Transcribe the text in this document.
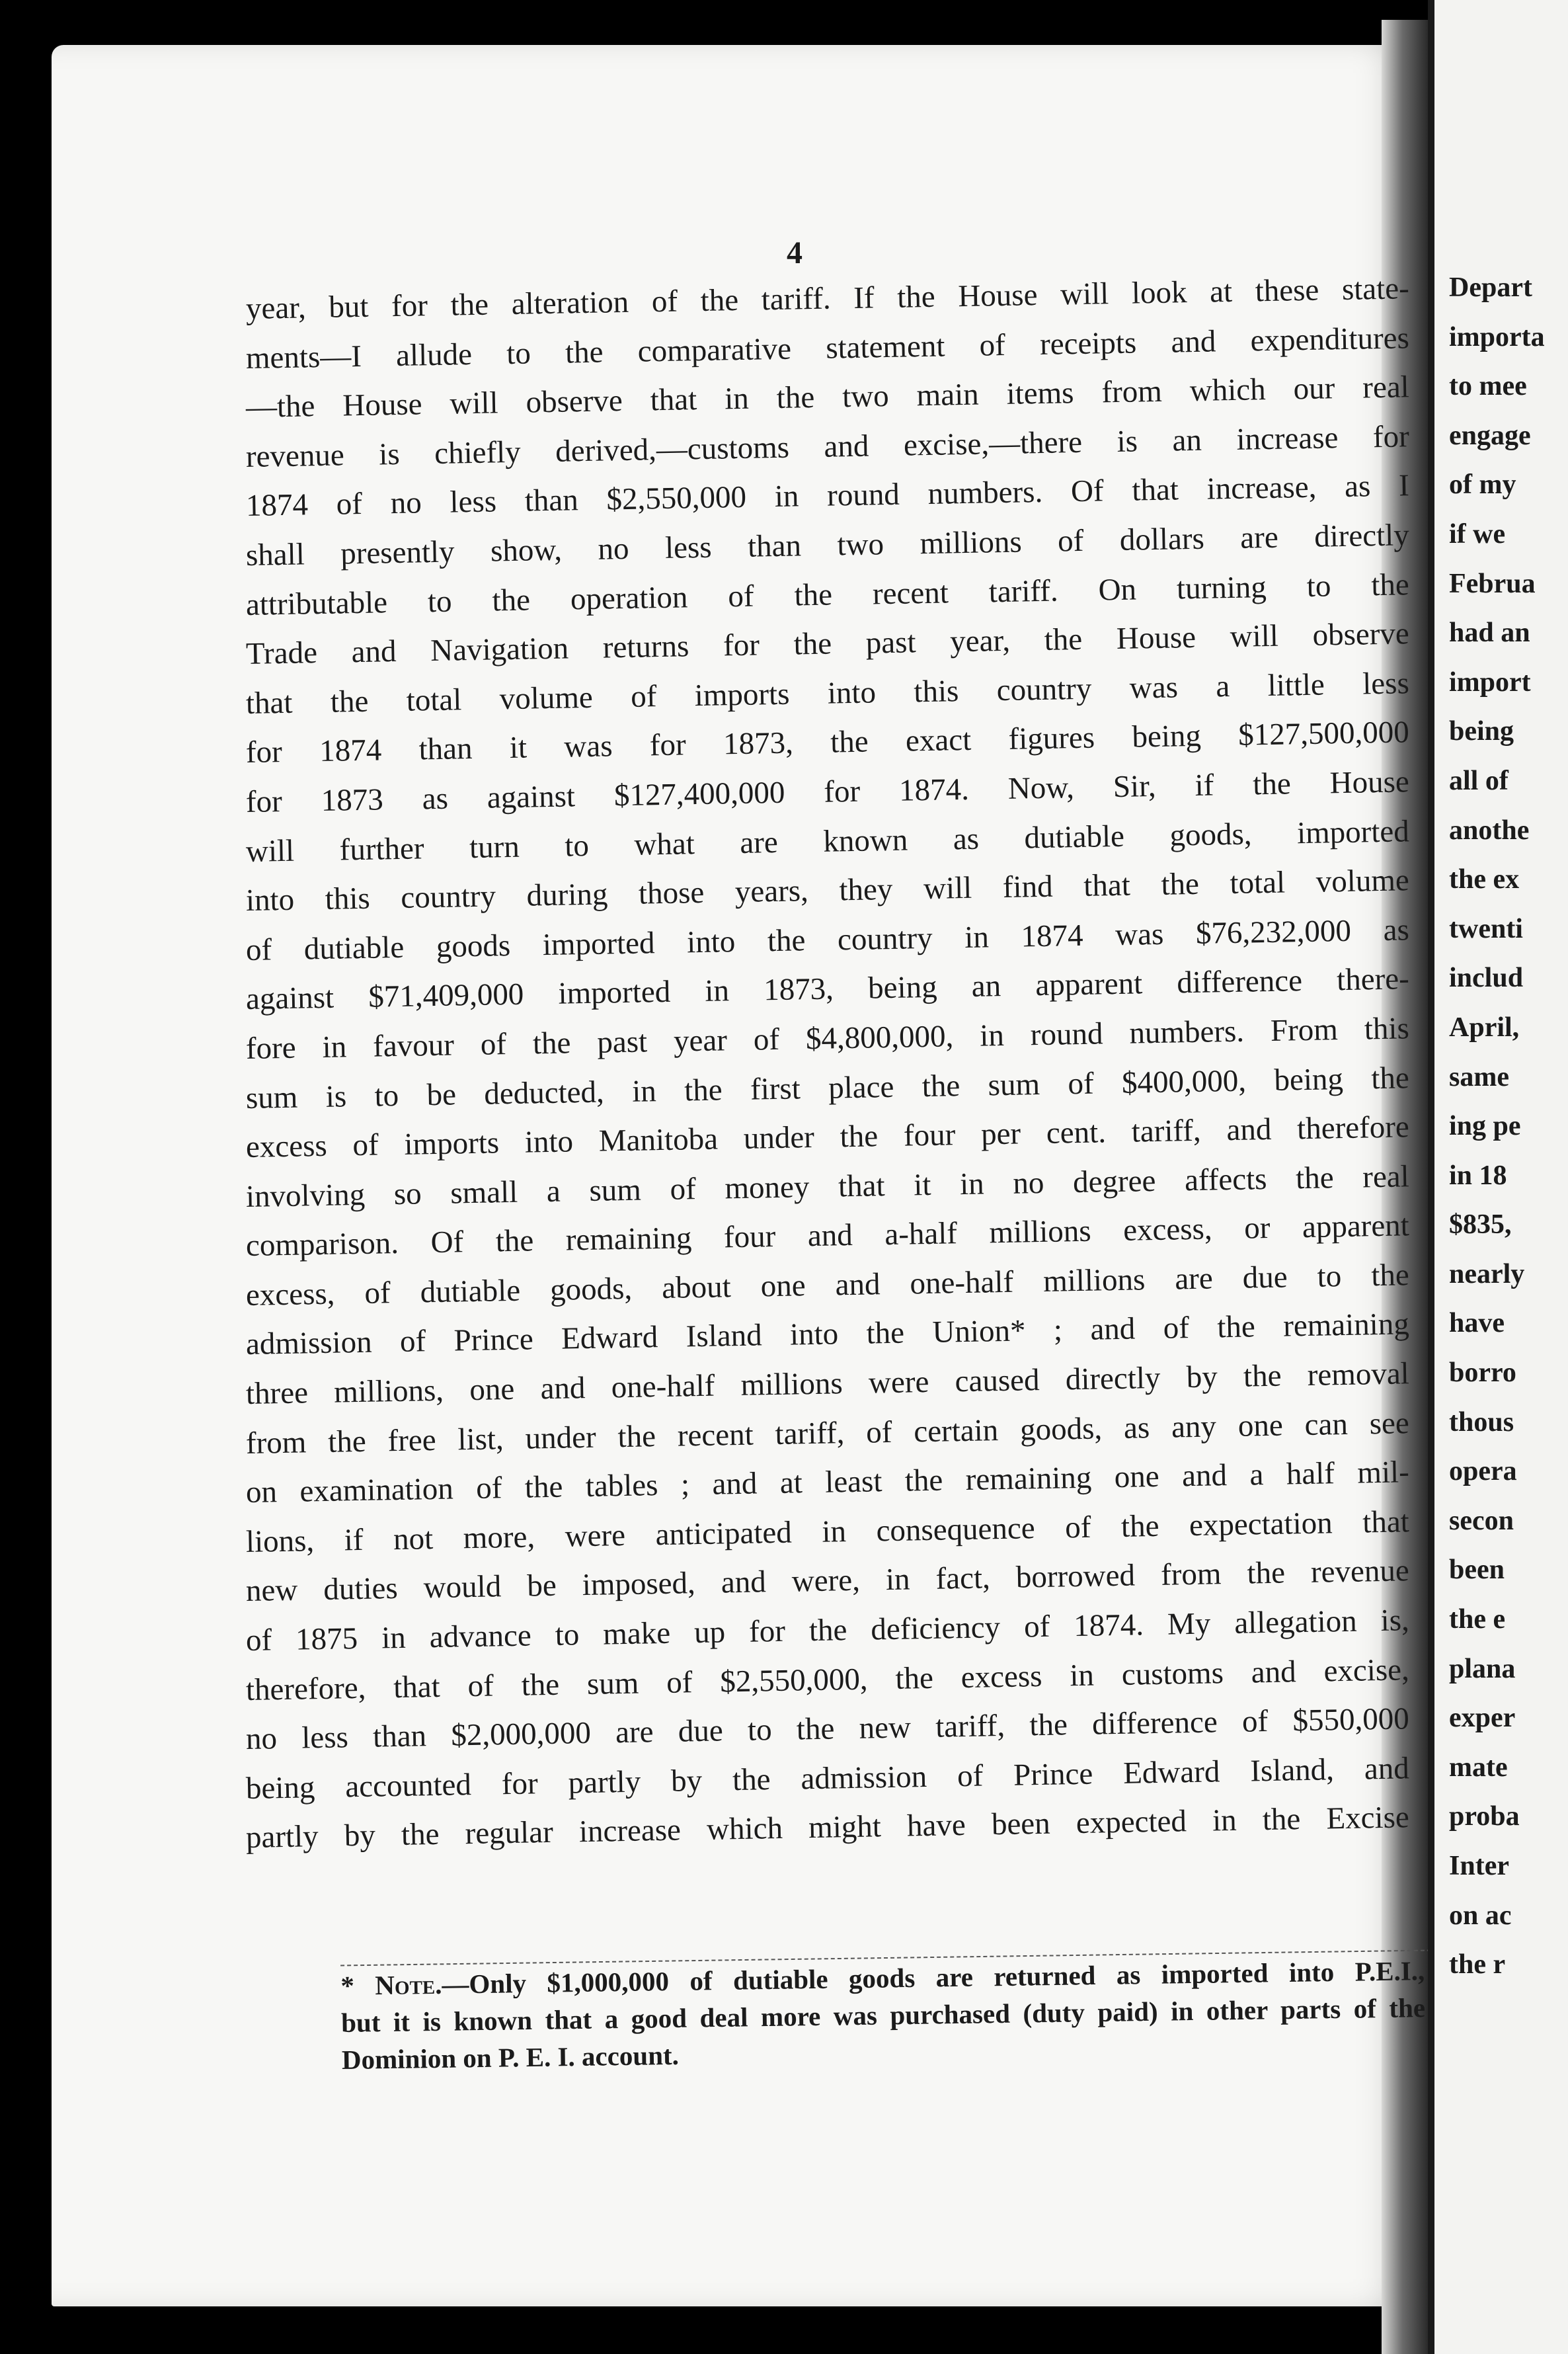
4
year, but for the alteration of the tariff. If the House will look at these state-
ments—I allude to the comparative statement of receipts and expenditures
—the House will observe that in the two main items from which our real
revenue is chiefly derived,—customs and excise,—there is an increase for
1874 of no less than $2,550,000 in round numbers. Of that increase, as I
shall presently show, no less than two millions of dollars are directly
attributable to the operation of the recent tariff. On turning to the
Trade and Navigation returns for the past year, the House will observe
that the total volume of imports into this country was a little less
for 1874 than it was for 1873, the exact figures being $127,500,000
for 1873 as against $127,400,000 for 1874. Now, Sir, if the House
will further turn to what are known as dutiable goods, imported
into this country during those years, they will find that the total volume
of dutiable goods imported into the country in 1874 was $76,232,000 as
against $71,409,000 imported in 1873, being an apparent difference there-
fore in favour of the past year of $4,800,000, in round numbers. From this
sum is to be deducted, in the first place the sum of $400,000, being the
excess of imports into Manitoba under the four per cent. tariff, and therefore
involving so small a sum of money that it in no degree affects the real
comparison. Of the remaining four and a-half millions excess, or apparent
excess, of dutiable goods, about one and one-half millions are due to the
admission of Prince Edward Island into the Union* ; and of the remaining
three millions, one and one-half millions were caused directly by the removal
from the free list, under the recent tariff, of certain goods, as any one can see
on examination of the tables ; and at least the remaining one and a half mil-
lions, if not more, were anticipated in consequence of the expectation that
new duties would be imposed, and were, in fact, borrowed from the revenue
of 1875 in advance to make up for the deficiency of 1874. My allegation is,
therefore, that of the sum of $2,550,000, the excess in customs and excise,
no less than $2,000,000 are due to the new tariff, the difference of $550,000
being accounted for partly by the admission of Prince Edward Island, and
partly by the regular increase which might have been expected in the Excise
* Note.—Only $1,000,000 of dutiable goods are returned as imported into P.E.I.,
but it is known that a good deal more was purchased (duty paid) in other parts of the
Dominion on P. E. I. account.
Depart
importa
to mee
engage
of my
if we
Februa
had an
import
being
all of
anothe
the ex
twenti
includ
April,
same
ing pe
in 18
$835,
nearly
have
borro
thous
opera
secon
been
the e
plana
exper
mate
proba
Inter
on ac
the r
